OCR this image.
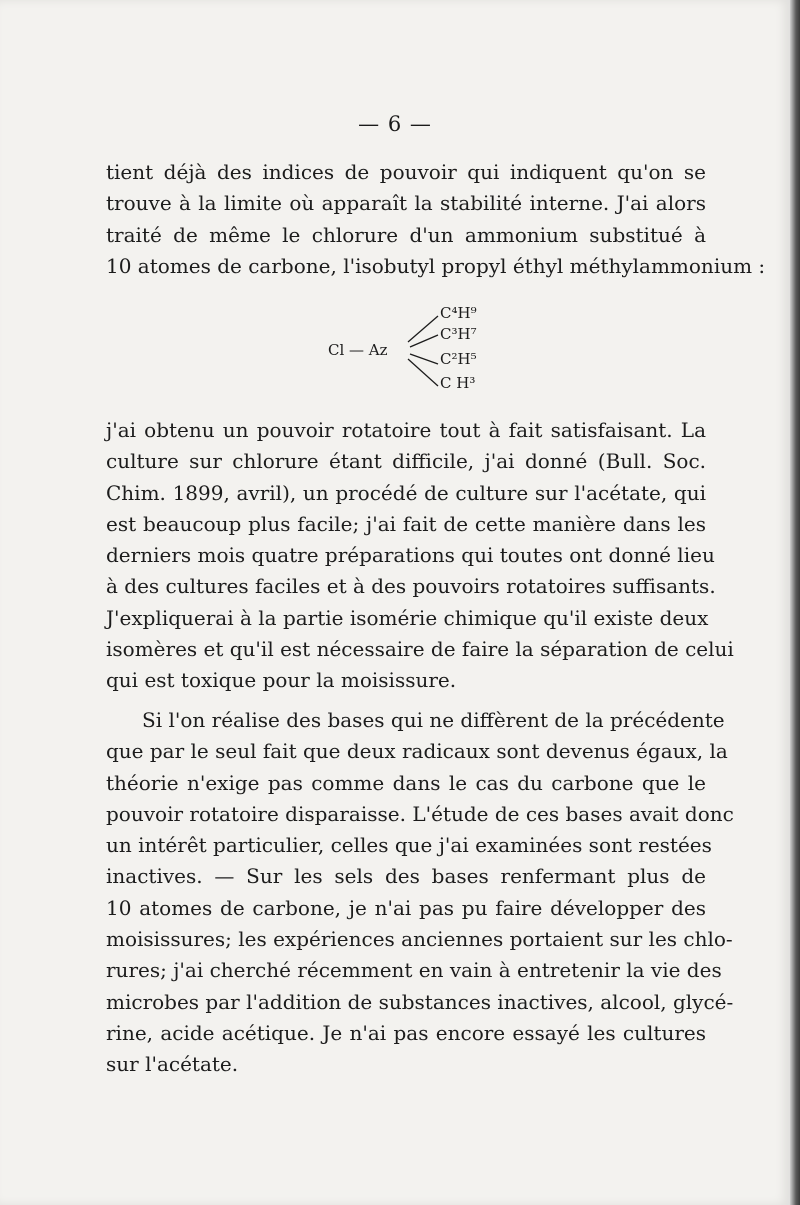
— 6 —
tient déjà des indices de pouvoir qui indiquent qu'on se
trouve à la limite où apparaît la stabilité interne. J'ai alors
traité de même le chlorure d'un ammonium substitué à
10 atomes de carbone, l'isobutyl propyl éthyl méthylammonium :
Cl — Az
C⁴H⁹
C³H⁷
C²H⁵
C H³
j'ai obtenu un pouvoir rotatoire tout à fait satisfaisant. La
culture sur chlorure étant difficile, j'ai donné (Bull. Soc.
Chim. 1899, avril), un procédé de culture sur l'acétate, qui
est beaucoup plus facile; j'ai fait de cette manière dans les
derniers mois quatre préparations qui toutes ont donné lieu
à des cultures faciles et à des pouvoirs rotatoires suffisants.
J'expliquerai à la partie isomérie chimique qu'il existe deux
isomères et qu'il est nécessaire de faire la séparation de celui
qui est toxique pour la moisissure.
Si l'on réalise des bases qui ne diffèrent de la précédente
que par le seul fait que deux radicaux sont devenus égaux, la
théorie n'exige pas comme dans le cas du carbone que le
pouvoir rotatoire disparaisse. L'étude de ces bases avait donc
un intérêt particulier, celles que j'ai examinées sont restées
inactives. — Sur les sels des bases renfermant plus de
10 atomes de carbone, je n'ai pas pu faire développer des
moisissures; les expériences anciennes portaient sur les chlo-
rures; j'ai cherché récemment en vain à entretenir la vie des
microbes par l'addition de substances inactives, alcool, glycé-
rine, acide acétique. Je n'ai pas encore essayé les cultures
sur l'acétate.
